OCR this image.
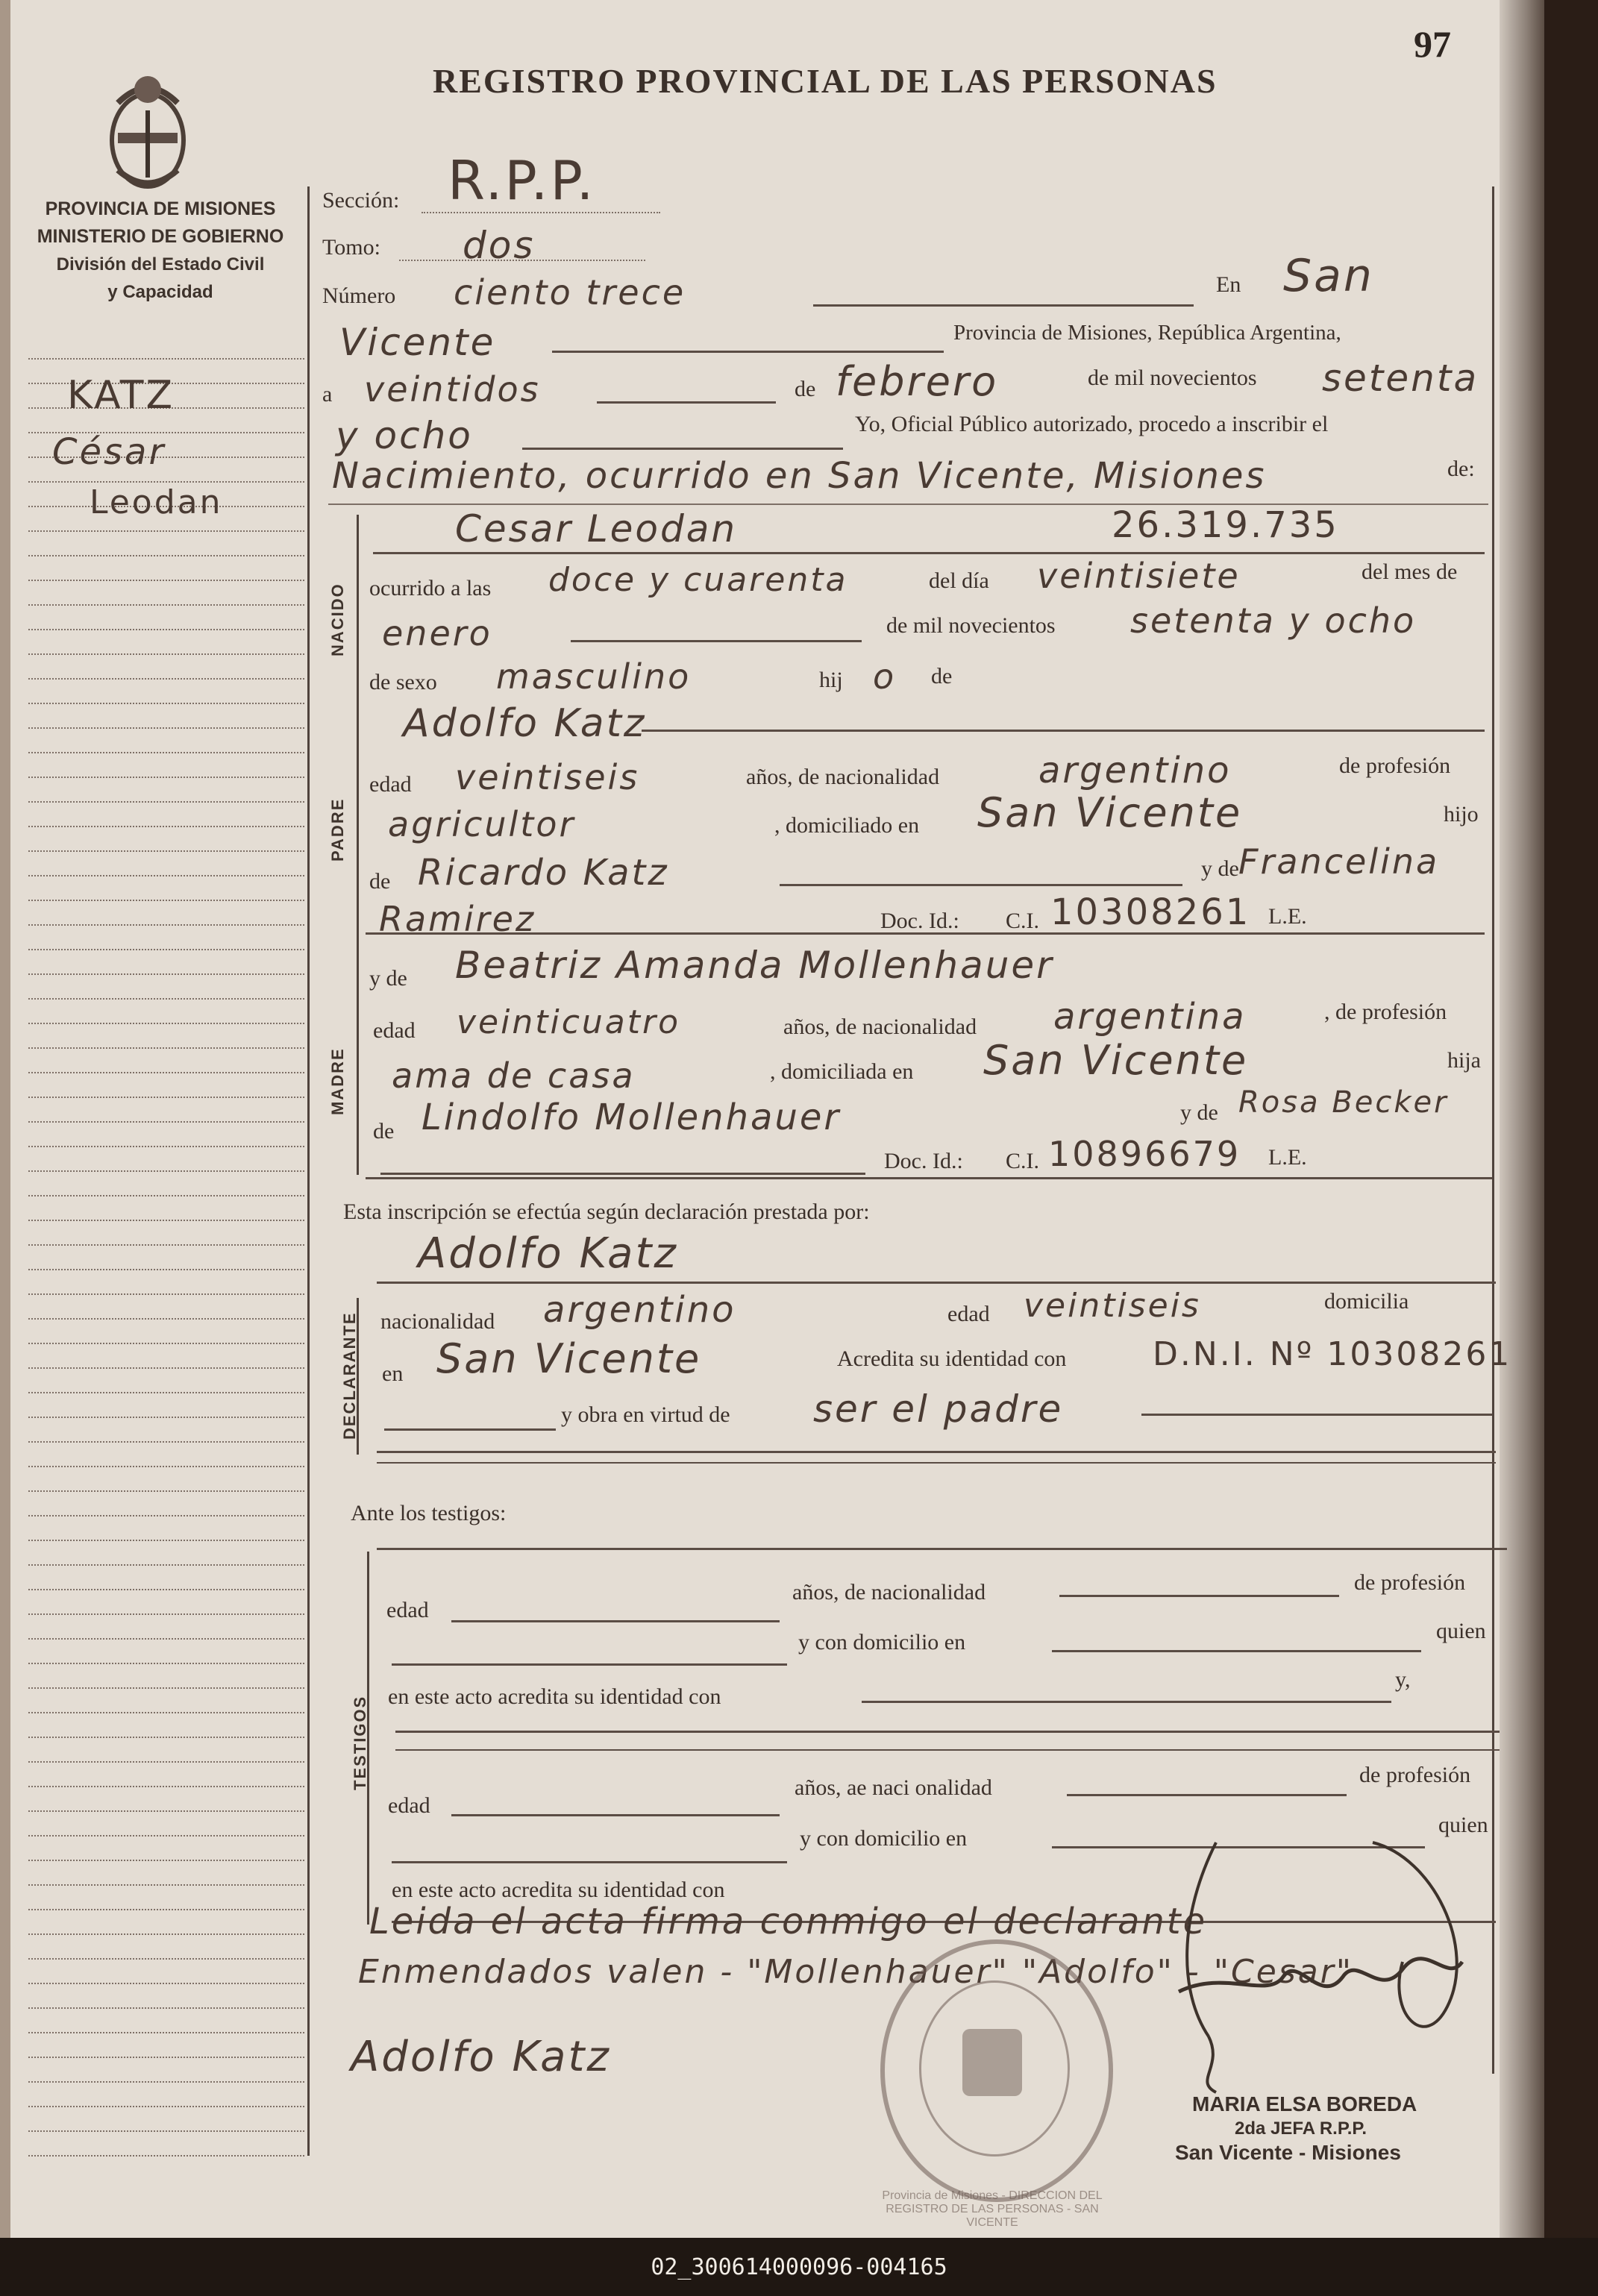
97
REGISTRO PROVINCIAL DE LAS PERSONAS
PROVINCIA DE MISIONES
MINISTERIO DE GOBIERNO
División del Estado Civil
y Capacidad
KATZ
César
Leodan
NACIDO
PADRE
MADRE
DECLARANTE
TESTIGOS
Sección: R.P.P.
Tomo: dos
Número ciento trece	En San
Vicente	Provincia de Misiones, República Argentina,
a veintidos	de febrero	de mil novecientos setenta
y ocho	Yo, Oficial Público autorizado, procedo a inscribir el
Nacimiento, ocurrido en San Vicente, Misiones	de:
Cesar Leodan	26.319.735
ocurrido a las doce y cuarenta	del día veintisiete	del mes de
enero	de mil novecientos setenta y ocho
de sexo masculino	hij o de
Adolfo Katz
edad veintiseis	años, de nacionalidad	argentino	de profesión
agricultor	, domiciliado en San Vicente	hijo
de Ricardo Katz	y de Francelina
Ramirez	Doc. Id.: C.I. 10308261 L.E.
y de Beatriz Amanda Mollenhauer
edad veinticuatro	años, de nacionalidad argentina	, de profesión
ama de casa	, domiciliada en San Vicente	hija
de Lindolfo Mollenhauer	y de Rosa Becker
Doc. Id.: C.I. 10896679 L.E.
Esta inscripción se efectúa según declaración prestada por:
Adolfo Katz
nacionalidad argentino	edad veintiseis	domicilia
en San Vicente	Acredita su identidad con	D.N.I. Nº 10308261
y obra en virtud de ser el padre
Ante los testigos:
edad
años, de nacionalidad	de profesión
y con domicilio en	quien
en este acto acredita su identidad con
y,
edad
años, ae naci onalidad
de profesión
y con domicilio en
quien
en este acto acredita su identidad con
Leida el acta firma conmigo el declarante
Enmendados valen - "Mollenhauer" "Adolfo" - "Cesar"
Adolfo Katz
Provincia de Misiones - DIRECCION DEL REGISTRO DE LAS PERSONAS - SAN VICENTE
MARIA ELSA BOREDA
2da JEFA R.P.P.
San Vicente - Misiones
02_300614000096-004165
